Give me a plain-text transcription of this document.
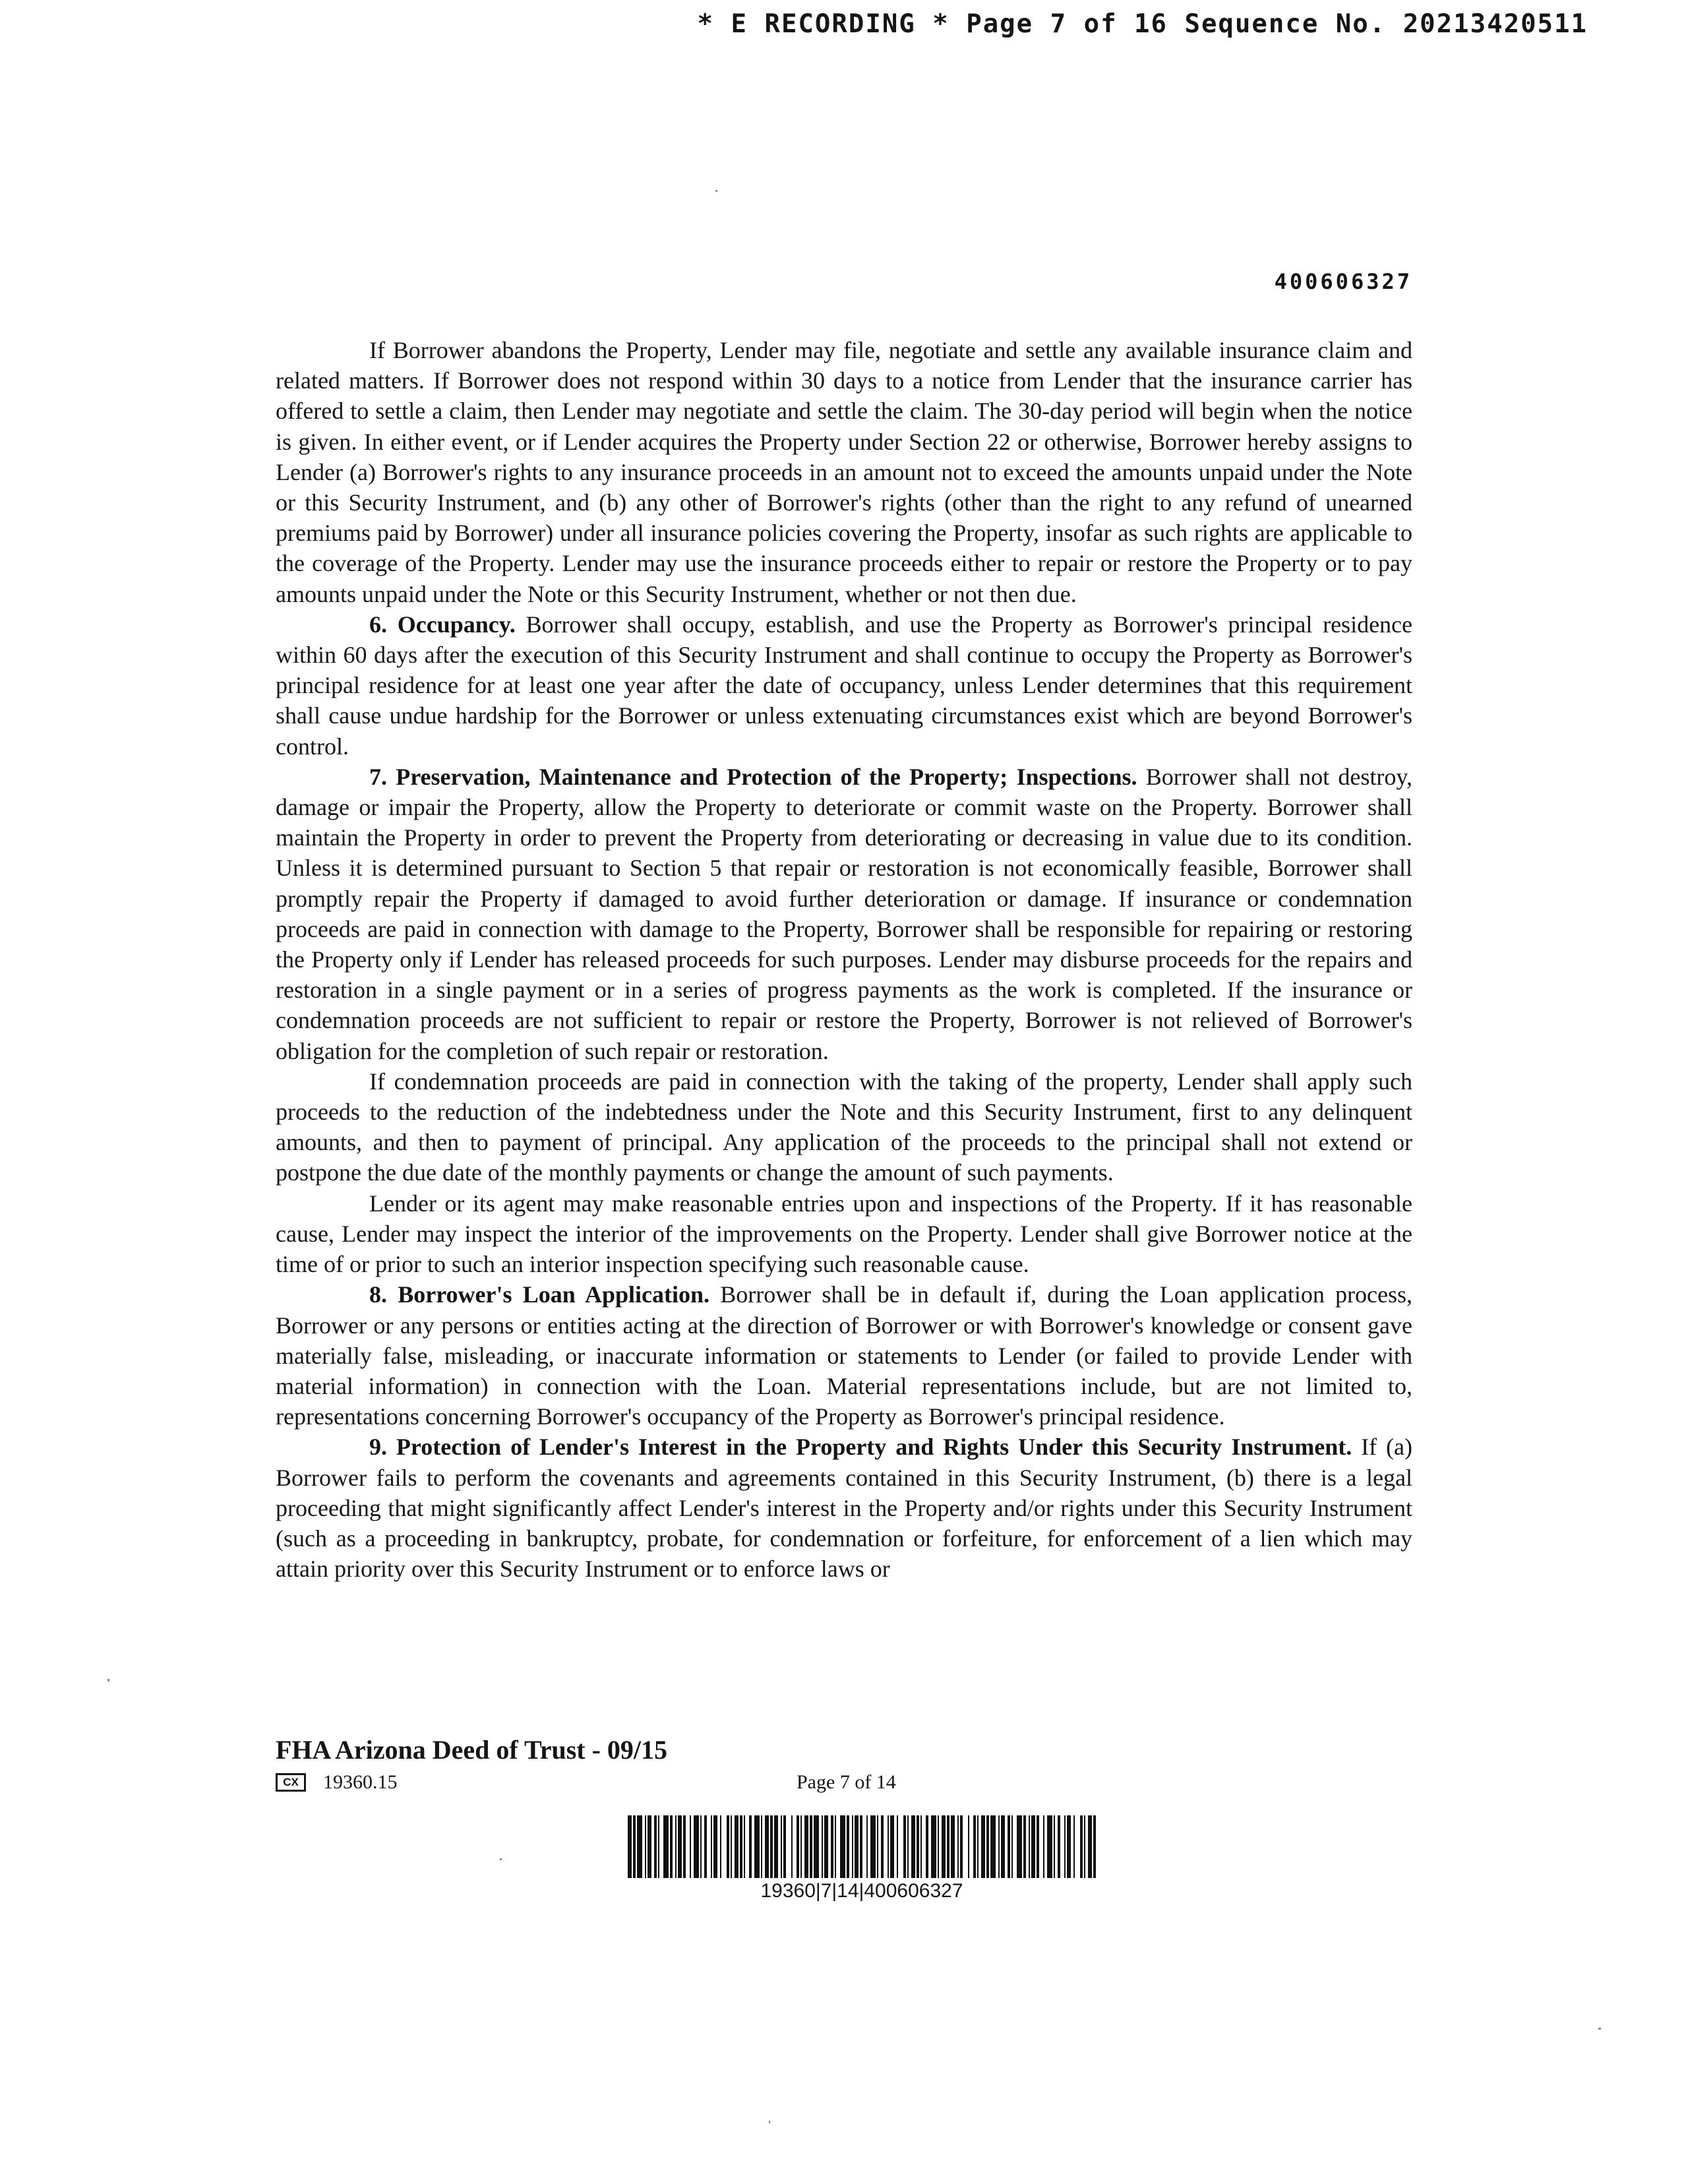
* E RECORDING * Page 7 of 16 Sequence No. 20213420511
400606327

If Borrower abandons the Property, Lender may file, negotiate and settle any available insurance claim and related matters. If Borrower does not respond within 30 days to a notice from Lender that the insurance carrier has offered to settle a claim, then Lender may negotiate and settle the claim. The 30-day period will begin when the notice is given. In either event, or if Lender acquires the Property under Section 22 or otherwise, Borrower hereby assigns to Lender (a) Borrower's rights to any insurance proceeds in an amount not to exceed the amounts unpaid under the Note or this Security Instrument, and (b) any other of Borrower's rights (other than the right to any refund of unearned premiums paid by Borrower) under all insurance policies covering the Property, insofar as such rights are applicable to the coverage of the Property. Lender may use the insurance proceeds either to repair or restore the Property or to pay amounts unpaid under the Note or this Security Instrument, whether or not then due.

6. Occupancy. Borrower shall occupy, establish, and use the Property as Borrower's principal residence within 60 days after the execution of this Security Instrument and shall continue to occupy the Property as Borrower's principal residence for at least one year after the date of occupancy, unless Lender determines that this requirement shall cause undue hardship for the Borrower or unless extenuating circumstances exist which are beyond Borrower's control.

7. Preservation, Maintenance and Protection of the Property; Inspections. Borrower shall not destroy, damage or impair the Property, allow the Property to deteriorate or commit waste on the Property. Borrower shall maintain the Property in order to prevent the Property from deteriorating or decreasing in value due to its condition. Unless it is determined pursuant to Section 5 that repair or restoration is not economically feasible, Borrower shall promptly repair the Property if damaged to avoid further deterioration or damage. If insurance or condemnation proceeds are paid in connection with damage to the Property, Borrower shall be responsible for repairing or restoring the Property only if Lender has released proceeds for such purposes. Lender may disburse proceeds for the repairs and restoration in a single payment or in a series of progress payments as the work is completed. If the insurance or condemnation proceeds are not sufficient to repair or restore the Property, Borrower is not relieved of Borrower's obligation for the completion of such repair or restoration.

If condemnation proceeds are paid in connection with the taking of the property, Lender shall apply such proceeds to the reduction of the indebtedness under the Note and this Security Instrument, first to any delinquent amounts, and then to payment of principal. Any application of the proceeds to the principal shall not extend or postpone the due date of the monthly payments or change the amount of such payments.

Lender or its agent may make reasonable entries upon and inspections of the Property. If it has reasonable cause, Lender may inspect the interior of the improvements on the Property. Lender shall give Borrower notice at the time of or prior to such an interior inspection specifying such reasonable cause.

8. Borrower's Loan Application. Borrower shall be in default if, during the Loan application process, Borrower or any persons or entities acting at the direction of Borrower or with Borrower's knowledge or consent gave materially false, misleading, or inaccurate information or statements to Lender (or failed to provide Lender with material information) in connection with the Loan. Material representations include, but are not limited to, representations concerning Borrower's occupancy of the Property as Borrower's principal residence.

9. Protection of Lender's Interest in the Property and Rights Under this Security Instrument. If (a) Borrower fails to perform the covenants and agreements contained in this Security Instrument, (b) there is a legal proceeding that might significantly affect Lender's interest in the Property and/or rights under this Security Instrument (such as a proceeding in bankruptcy, probate, for condemnation or forfeiture, for enforcement of a lien which may attain priority over this Security Instrument or to enforce laws or

FHA Arizona Deed of Trust - 09/15
CX	19360.15	Page 7 of 14
19360|7|14|400606327
